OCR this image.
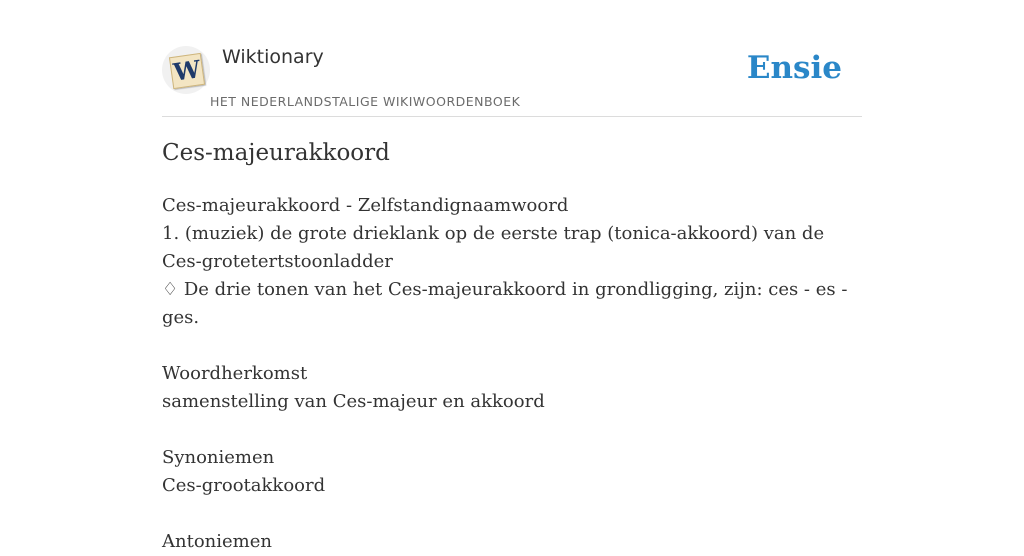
W Wiktionary
HET NEDERLANDSTALIGE WIKIWOORDENBOEK
Ensie
Ces-majeurakkoord
Ces-majeurakkoord - Zelfstandignaamwoord
1. (muziek) de grote drieklank op de eerste trap (tonica-akkoord) van de Ces-grotetertstoonladder
♢ De drie tonen van het Ces-majeurakkoord in grondligging, zijn: ces - es - ges.
Woordherkomst
samenstelling van Ces-majeur en akkoord
Synoniemen
Ces-grootakkoord
Antoniemen
